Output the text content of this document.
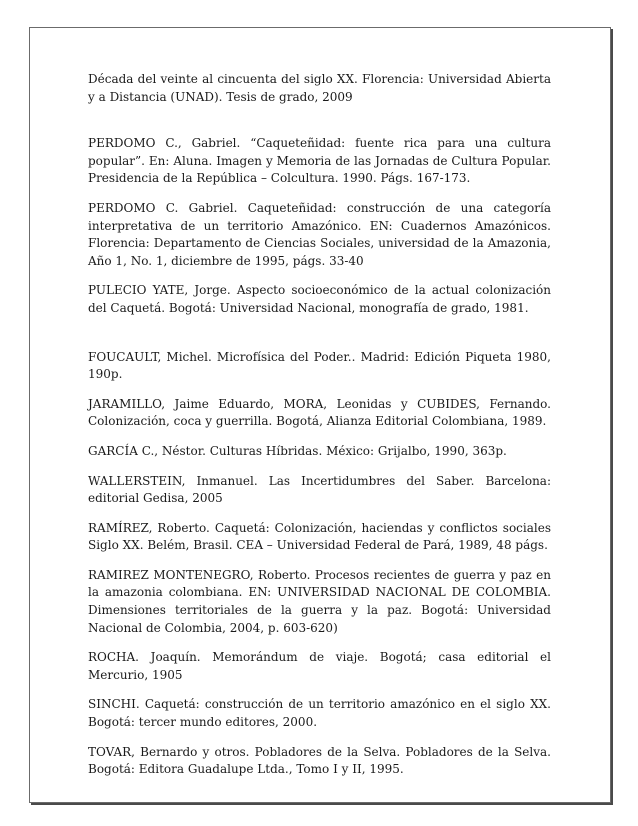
Década del veinte al cincuenta del siglo XX. Florencia: Universidad Abierta y a Distancia (UNAD). Tesis de grado, 2009

PERDOMO C., Gabriel. “Caqueteñidad: fuente rica para una cultura popular”. En: Aluna. Imagen y Memoria de las Jornadas de Cultura Popular. Presidencia de la República – Colcultura. 1990. Págs. 167-173.

PERDOMO C. Gabriel. Caqueteñidad: construcción de una categoría interpretativa de un territorio Amazónico. EN: Cuadernos Amazónicos. Florencia: Departamento de Ciencias Sociales, universidad de la Amazonia, Año 1, No. 1, diciembre de 1995, págs. 33-40

PULECIO YATE, Jorge. Aspecto socioeconómico de la actual colonización del Caquetá. Bogotá: Universidad Nacional, monografía de grado, 1981.

FOUCAULT, Michel. Microfísica del Poder.. Madrid: Edición Piqueta 1980, 190p.

JARAMILLO, Jaime Eduardo, MORA, Leonidas y CUBIDES, Fernando. Colonización, coca y guerrilla. Bogotá, Alianza Editorial Colombiana, 1989.

GARCÍA C., Néstor. Culturas Híbridas. México: Grijalbo, 1990, 363p.

WALLERSTEIN, Inmanuel. Las Incertidumbres del Saber. Barcelona: editorial Gedisa, 2005

RAMÍREZ, Roberto. Caquetá: Colonización, haciendas y conflictos sociales Siglo XX. Belém, Brasil. CEA – Universidad Federal de Pará, 1989, 48 págs.

RAMIREZ MONTENEGRO, Roberto. Procesos recientes de guerra y paz en la amazonia colombiana. EN: UNIVERSIDAD NACIONAL DE COLOMBIA. Dimensiones territoriales de la guerra y la paz. Bogotá: Universidad Nacional de Colombia, 2004, p. 603-620)

ROCHA. Joaquín. Memorándum de viaje. Bogotá; casa editorial el Mercurio, 1905

SINCHI. Caquetá: construcción de un territorio amazónico en el siglo XX. Bogotá: tercer mundo editores, 2000.

TOVAR, Bernardo y otros. Pobladores de la Selva. Pobladores de la Selva. Bogotá: Editora Guadalupe Ltda., Tomo I y II, 1995.
